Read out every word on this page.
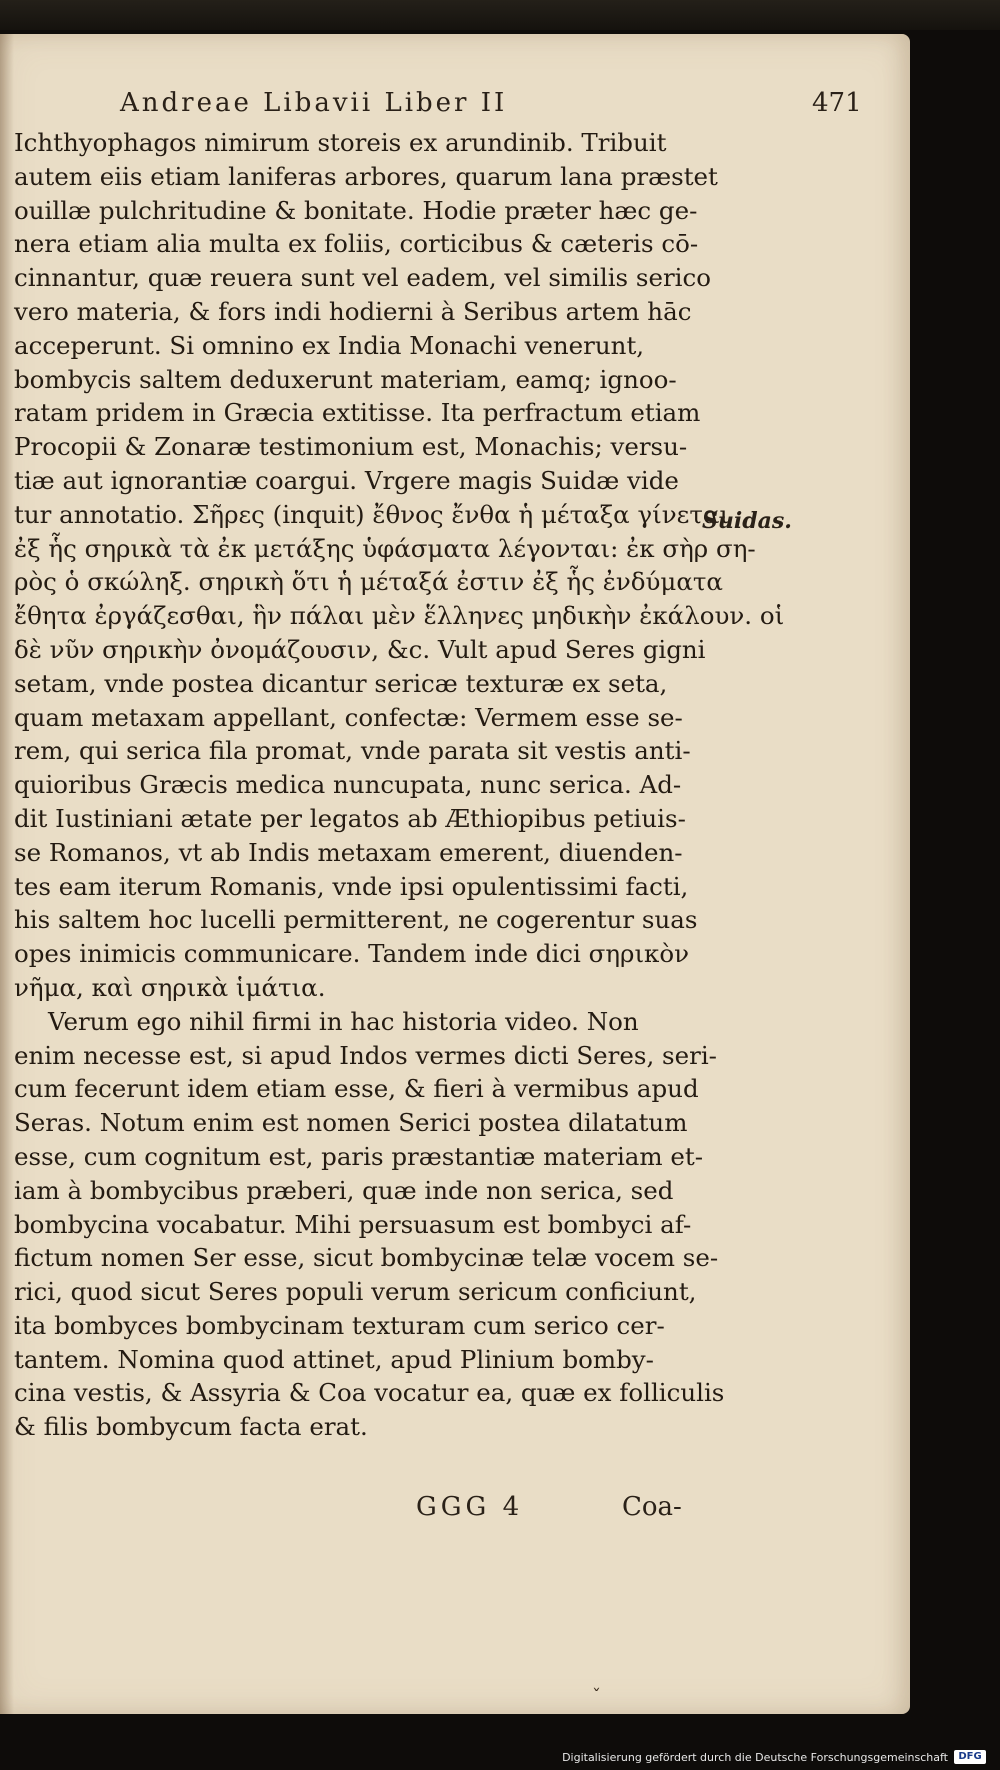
Andreae Libavii Liber II	471
Ichthyophagos nimirum storeis ex arundinib. Tribuit
autem eiis etiam laniferas arbores, quarum lana præstet
ouillæ pulchritudine & bonitate. Hodie præter hæc ge-
nera etiam alia multa ex foliis, corticibus & cæteris cō-
cinnantur, quæ reuera sunt vel eadem, vel similis serico
vero materia, & fors indi hodierni à Seribus artem hāc
acceperunt. Si omnino ex India Monachi venerunt,
bombycis saltem deduxerunt materiam, eamq; ignoo-
ratam pridem in Græcia extitisse. Ita perfractum etiam
Procopii & Zonaræ testimonium est, Monachis; versu-
tiæ aut ignorantiæ coargui. Vrgere magis Suidæ vide
tur annotatio. Σῆρες (inquit) ἔθνος ἔνθα ἡ μέταξα γίνεται
ἐξ ἧς σηρικὰ τὰ ἐκ μετάξης ὑφάσματα λέγονται: ἐκ σὴρ ση-
ρὸς ὁ σκώληξ. σηρικὴ ὅτι ἡ μέταξά ἐστιν ἐξ ἧς ἐνδύματα
ἔθητα ἐργάζεσθαι, ἣν πάλαι μὲν ἕλληνες μηδικὴν ἐκάλουν. οἱ
δὲ νῦν σηρικὴν ὀνομάζουσιν, &c. Vult apud Seres gigni
setam, vnde postea dicantur sericæ texturæ ex seta,
quam metaxam appellant, confectæ: Vermem esse se-
rem, qui serica fila promat, vnde parata sit vestis anti-
quioribus Græcis medica nuncupata, nunc serica. Ad-
dit Iustiniani ætate per legatos ab Æthiopibus petiuis-
se Romanos, vt ab Indis metaxam emerent, diuenden-
tes eam iterum Romanis, vnde ipsi opulentissimi facti,
his saltem hoc lucelli permitterent, ne cogerentur suas
opes inimicis communicare. Tandem inde dici σηρικὸν
νῆμα, καὶ σηρικὰ ἱμάτια.
Verum ego nihil firmi in hac historia video. Non
enim necesse est, si apud Indos vermes dicti Seres, seri-
cum fecerunt idem etiam esse, & fieri à vermibus apud
Seras. Notum enim est nomen Serici postea dilatatum
esse, cum cognitum est, paris præstantiæ materiam et-
iam à bombycibus præberi, quæ inde non serica, sed
bombycina vocabatur. Mihi persuasum est bombyci af-
fictum nomen Ser esse, sicut bombycinæ telæ vocem se-
rici, quod sicut Seres populi verum sericum conficiunt,
ita bombyces bombycinam texturam cum serico cer-
tantem. Nomina quod attinet, apud Plinium bomby-
cina vestis, & Assyria & Coa vocatur ea, quæ ex folliculis
& filis bombycum facta erat.
Suidas.
GGG 4	Coa-
ˇ
Digitalisierung gefördert durch die Deutsche Forschungsgemeinschaft	DFG
